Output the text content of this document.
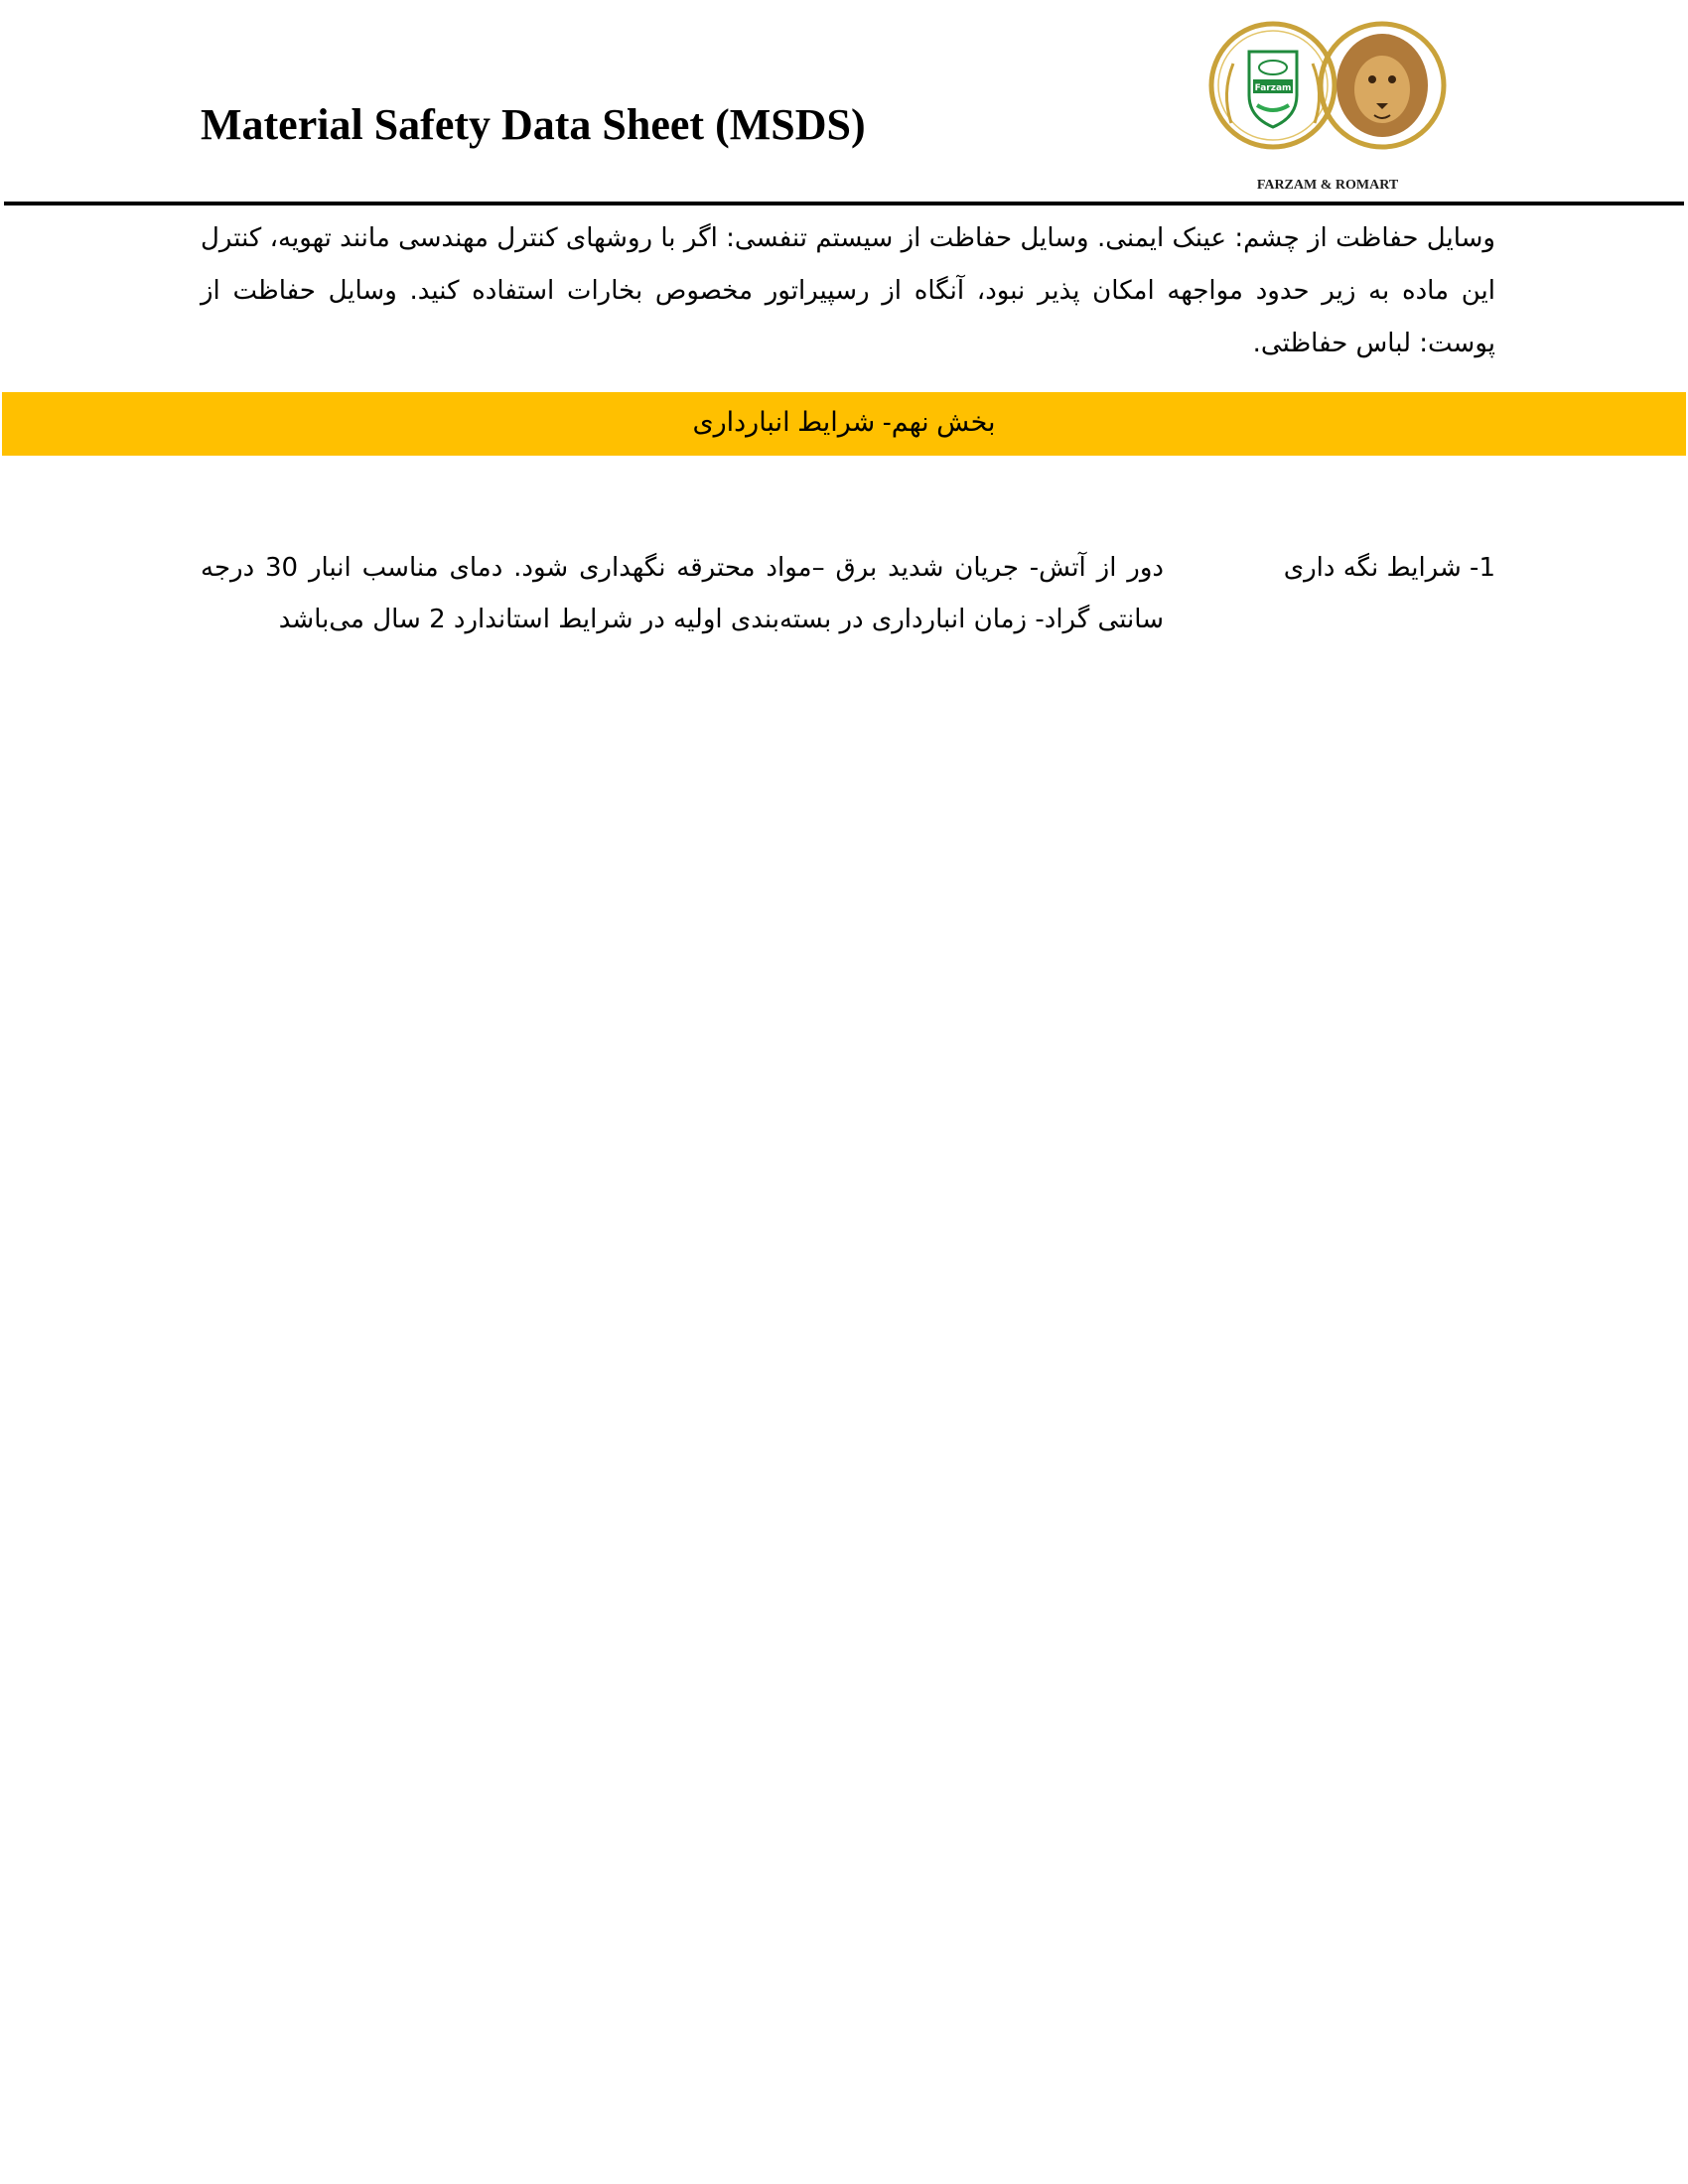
Material Safety Data Sheet (MSDS)
Farzam
FARZAM & ROMART
وسایل حفاظت از چشم: عینک ایمنی. وسایل حفاظت از سیستم تنفسی: اگر با روشهای کنترل مهندسی مانند تهویه، کنترل این ماده به زیر حدود مواجهه امکان پذیر نبود، آنگاه از رسپیراتور مخصوص بخارات استفاده کنید. وسایل حفاظت از پوست: لباس حفاظتی.
بخش نهم- شرایط انبارداری
1- شرایط نگه داری
دور از آتش- جریان شدید برق –مواد محترقه نگهداری شود. دمای مناسب انبار 30 درجه سانتی گراد- زمان انبارداری در بسته‌بندی اولیه در شرایط استاندارد 2 سال می‌باشد
